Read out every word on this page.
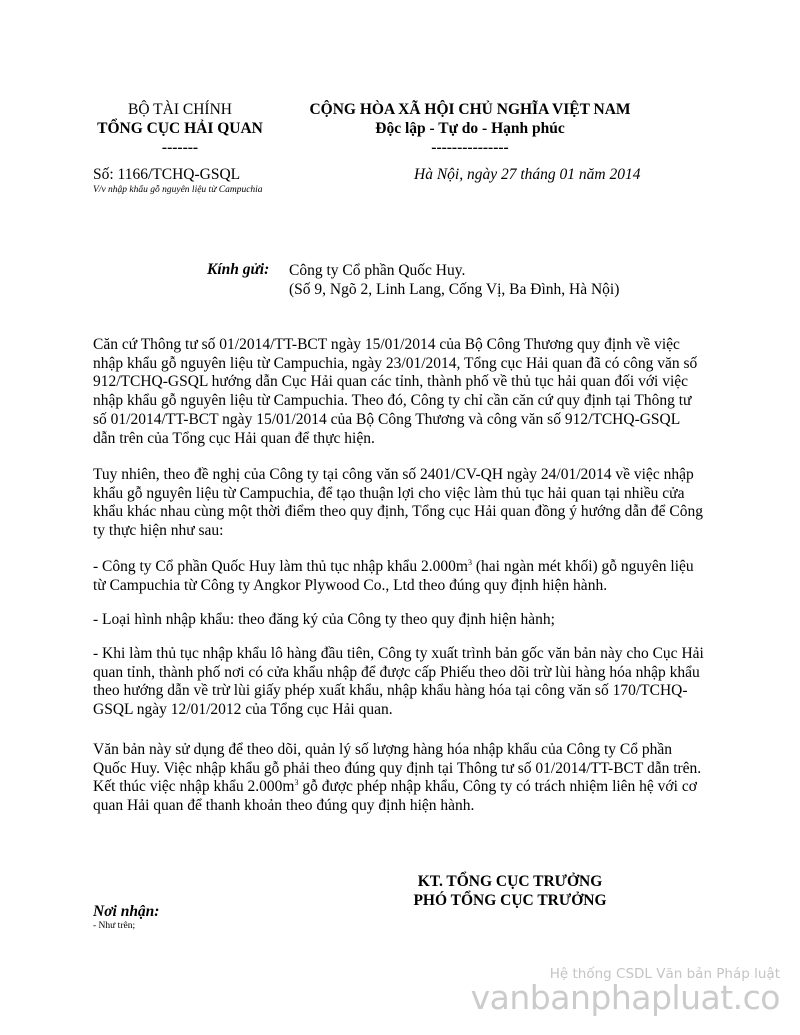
BỘ TÀI CHÍNH
TỔNG CỤC HẢI QUAN
-------
CỘNG HÒA XÃ HỘI CHỦ NGHĨA VIỆT NAM
Độc lập - Tự do - Hạnh phúc
---------------
Số: 1166/TCHQ-GSQL
V/v nhập khẩu gỗ nguyên liệu từ Campuchia
Hà Nội, ngày 27 tháng 01 năm 2014
Kính gửi: Công ty Cổ phần Quốc Huy.
(Số 9, Ngõ 2, Linh Lang, Cống Vị, Ba Đình, Hà Nội)

Căn cứ Thông tư số 01/2014/TT-BCT ngày 15/01/2014 của Bộ Công Thương quy định về việc nhập khẩu gỗ nguyên liệu từ Campuchia, ngày 23/01/2014, Tổng cục Hải quan đã có công văn số 912/TCHQ-GSQL hướng dẫn Cục Hải quan các tỉnh, thành phố về thủ tục hải quan đối với việc nhập khẩu gỗ nguyên liệu từ Campuchia. Theo đó, Công ty chỉ cần căn cứ quy định tại Thông tư số 01/2014/TT-BCT ngày 15/01/2014 của Bộ Công Thương và công văn số 912/TCHQ-GSQL dẫn trên của Tổng cục Hải quan để thực hiện.

Tuy nhiên, theo đề nghị của Công ty tại công văn số 2401/CV-QH ngày 24/01/2014 về việc nhập khẩu gỗ nguyên liệu từ Campuchia, để tạo thuận lợi cho việc làm thủ tục hải quan tại nhiều cửa khẩu khác nhau cùng một thời điểm theo quy định, Tổng cục Hải quan đồng ý hướng dẫn để Công ty thực hiện như sau:

- Công ty Cổ phần Quốc Huy làm thủ tục nhập khẩu $2.000m^3$ (hai ngàn mét khối) gỗ nguyên liệu từ Campuchia từ Công ty Angkor Plywood Co., Ltd theo đúng quy định hiện hành.

- Loại hình nhập khẩu: theo đăng ký của Công ty theo quy định hiện hành;

- Khi làm thủ tục nhập khẩu lô hàng đầu tiên, Công ty xuất trình bản gốc văn bản này cho Cục Hải quan tỉnh, thành phố nơi có cửa khẩu nhập để được cấp Phiếu theo dõi trừ lùi hàng hóa nhập khẩu theo hướng dẫn về trừ lùi giấy phép xuất khẩu, nhập khẩu hàng hóa tại công văn số 170/TCHQ-GSQL ngày 12/01/2012 của Tổng cục Hải quan.

Văn bản này sử dụng để theo dõi, quản lý số lượng hàng hóa nhập khẩu của Công ty Cổ phần Quốc Huy. Việc nhập khẩu gỗ phải theo đúng quy định tại Thông tư số 01/2014/TT-BCT dẫn trên. Kết thúc việc nhập khẩu $2.000m^3$ gỗ được phép nhập khẩu, Công ty có trách nhiệm liên hệ với cơ quan Hải quan để thanh khoản theo đúng quy định hiện hành.

KT. TỔNG CỤC TRƯỞNG
PHÓ TỔNG CỤC TRƯỞNG
Nơi nhận:
- Như trên;
Hệ thống CSDL Văn bản Pháp luật
vanbanphapluat.co
